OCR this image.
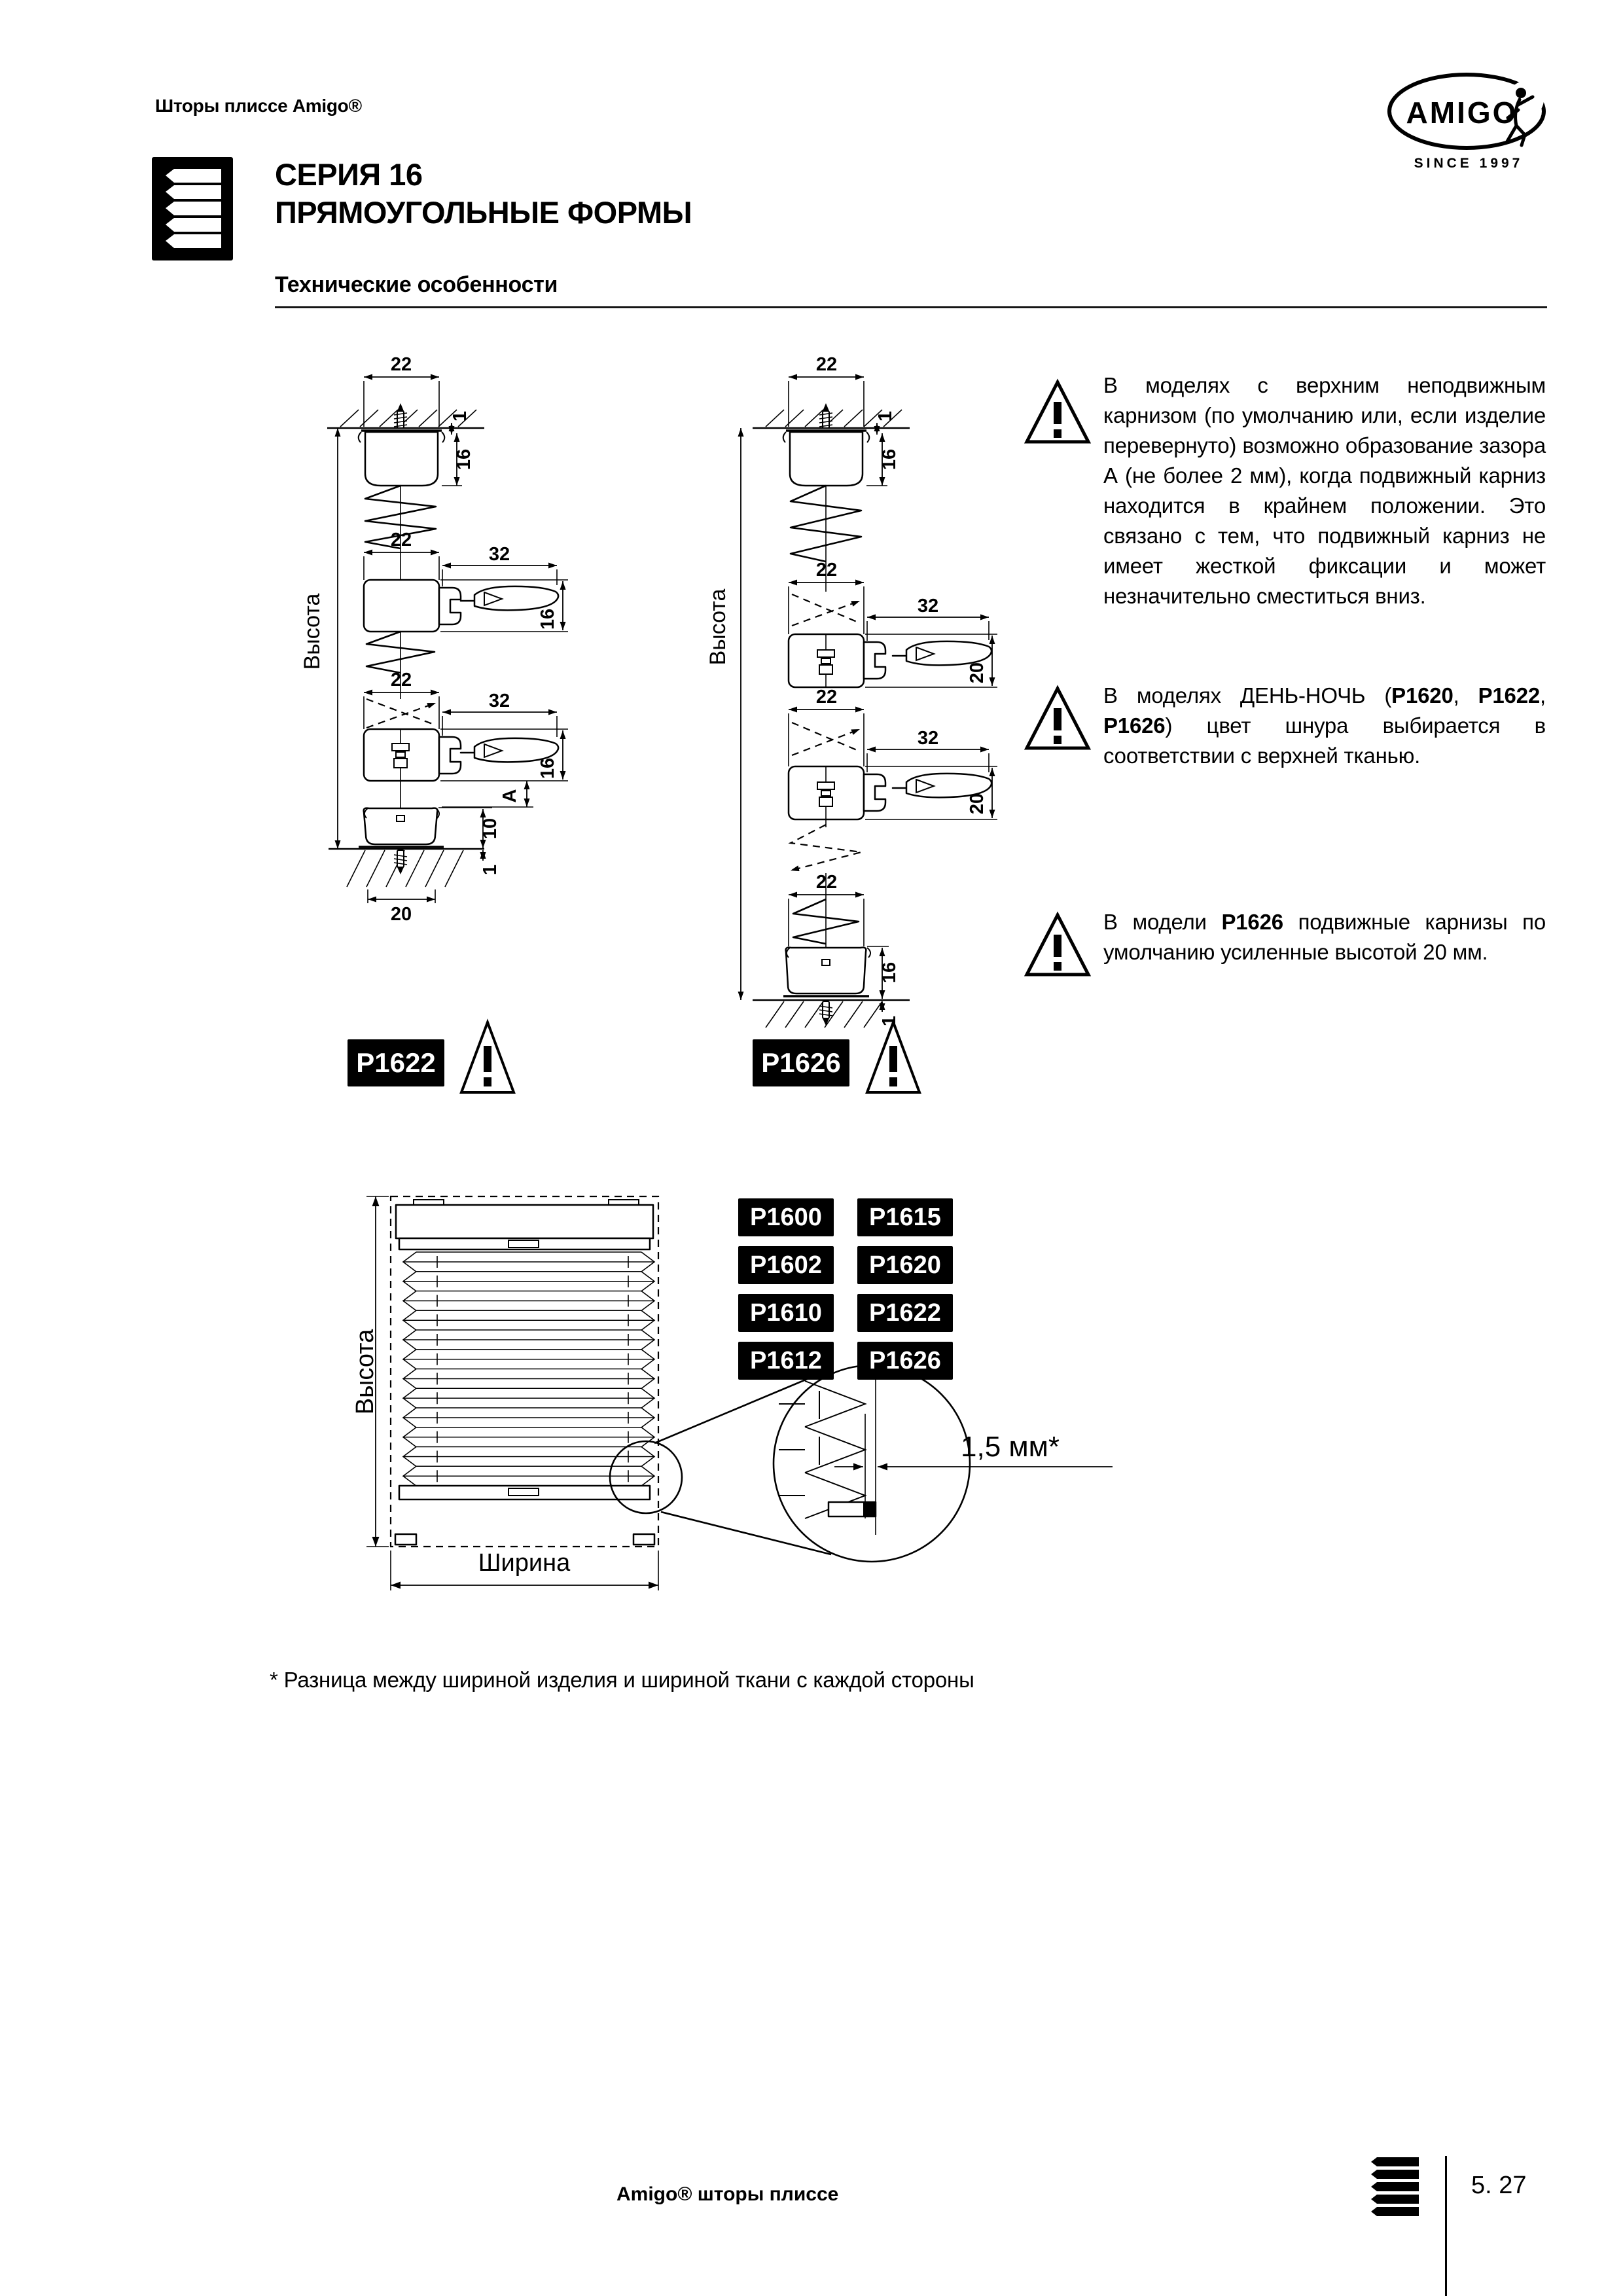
Шторы плиссе Amigo®	AMIGO
SINCE 1997
СЕРИЯ 16
ПРЯМОУГОЛЬНЫЕ ФОРМЫ
Технические особенности
Высота
22
1
16
22
32
16
22
32
16
A
10
1
20
Высота
22
1
16
22
32
20
22
32
20
22
16
1
В моделях с верхним неподвижным карнизом (по умолчанию или, если изделие перевернуто) возможно образование зазора А (не более 2 мм), когда подвижный карниз находится в крайнем положении. Это связано с тем, что подвижный карниз не имеет жесткой фиксации и может незначительно сместиться вниз.
В моделях ДЕНЬ-НОЧЬ (P1620, P1622, P1626) цвет шнура выбирается в соответствии с верхней тканью.
В модели P1626 подвижные карнизы по умолчанию усиленные высотой 20 мм.
P1622	P1626
Высота
Ширина
1,5 мм*
P1600
P1602
P1610
P1612
P1615
P1620
P1622
P1626
* Разница между шириной изделия и шириной ткани с каждой стороны
Amigo® шторы плиссе	5. 27
